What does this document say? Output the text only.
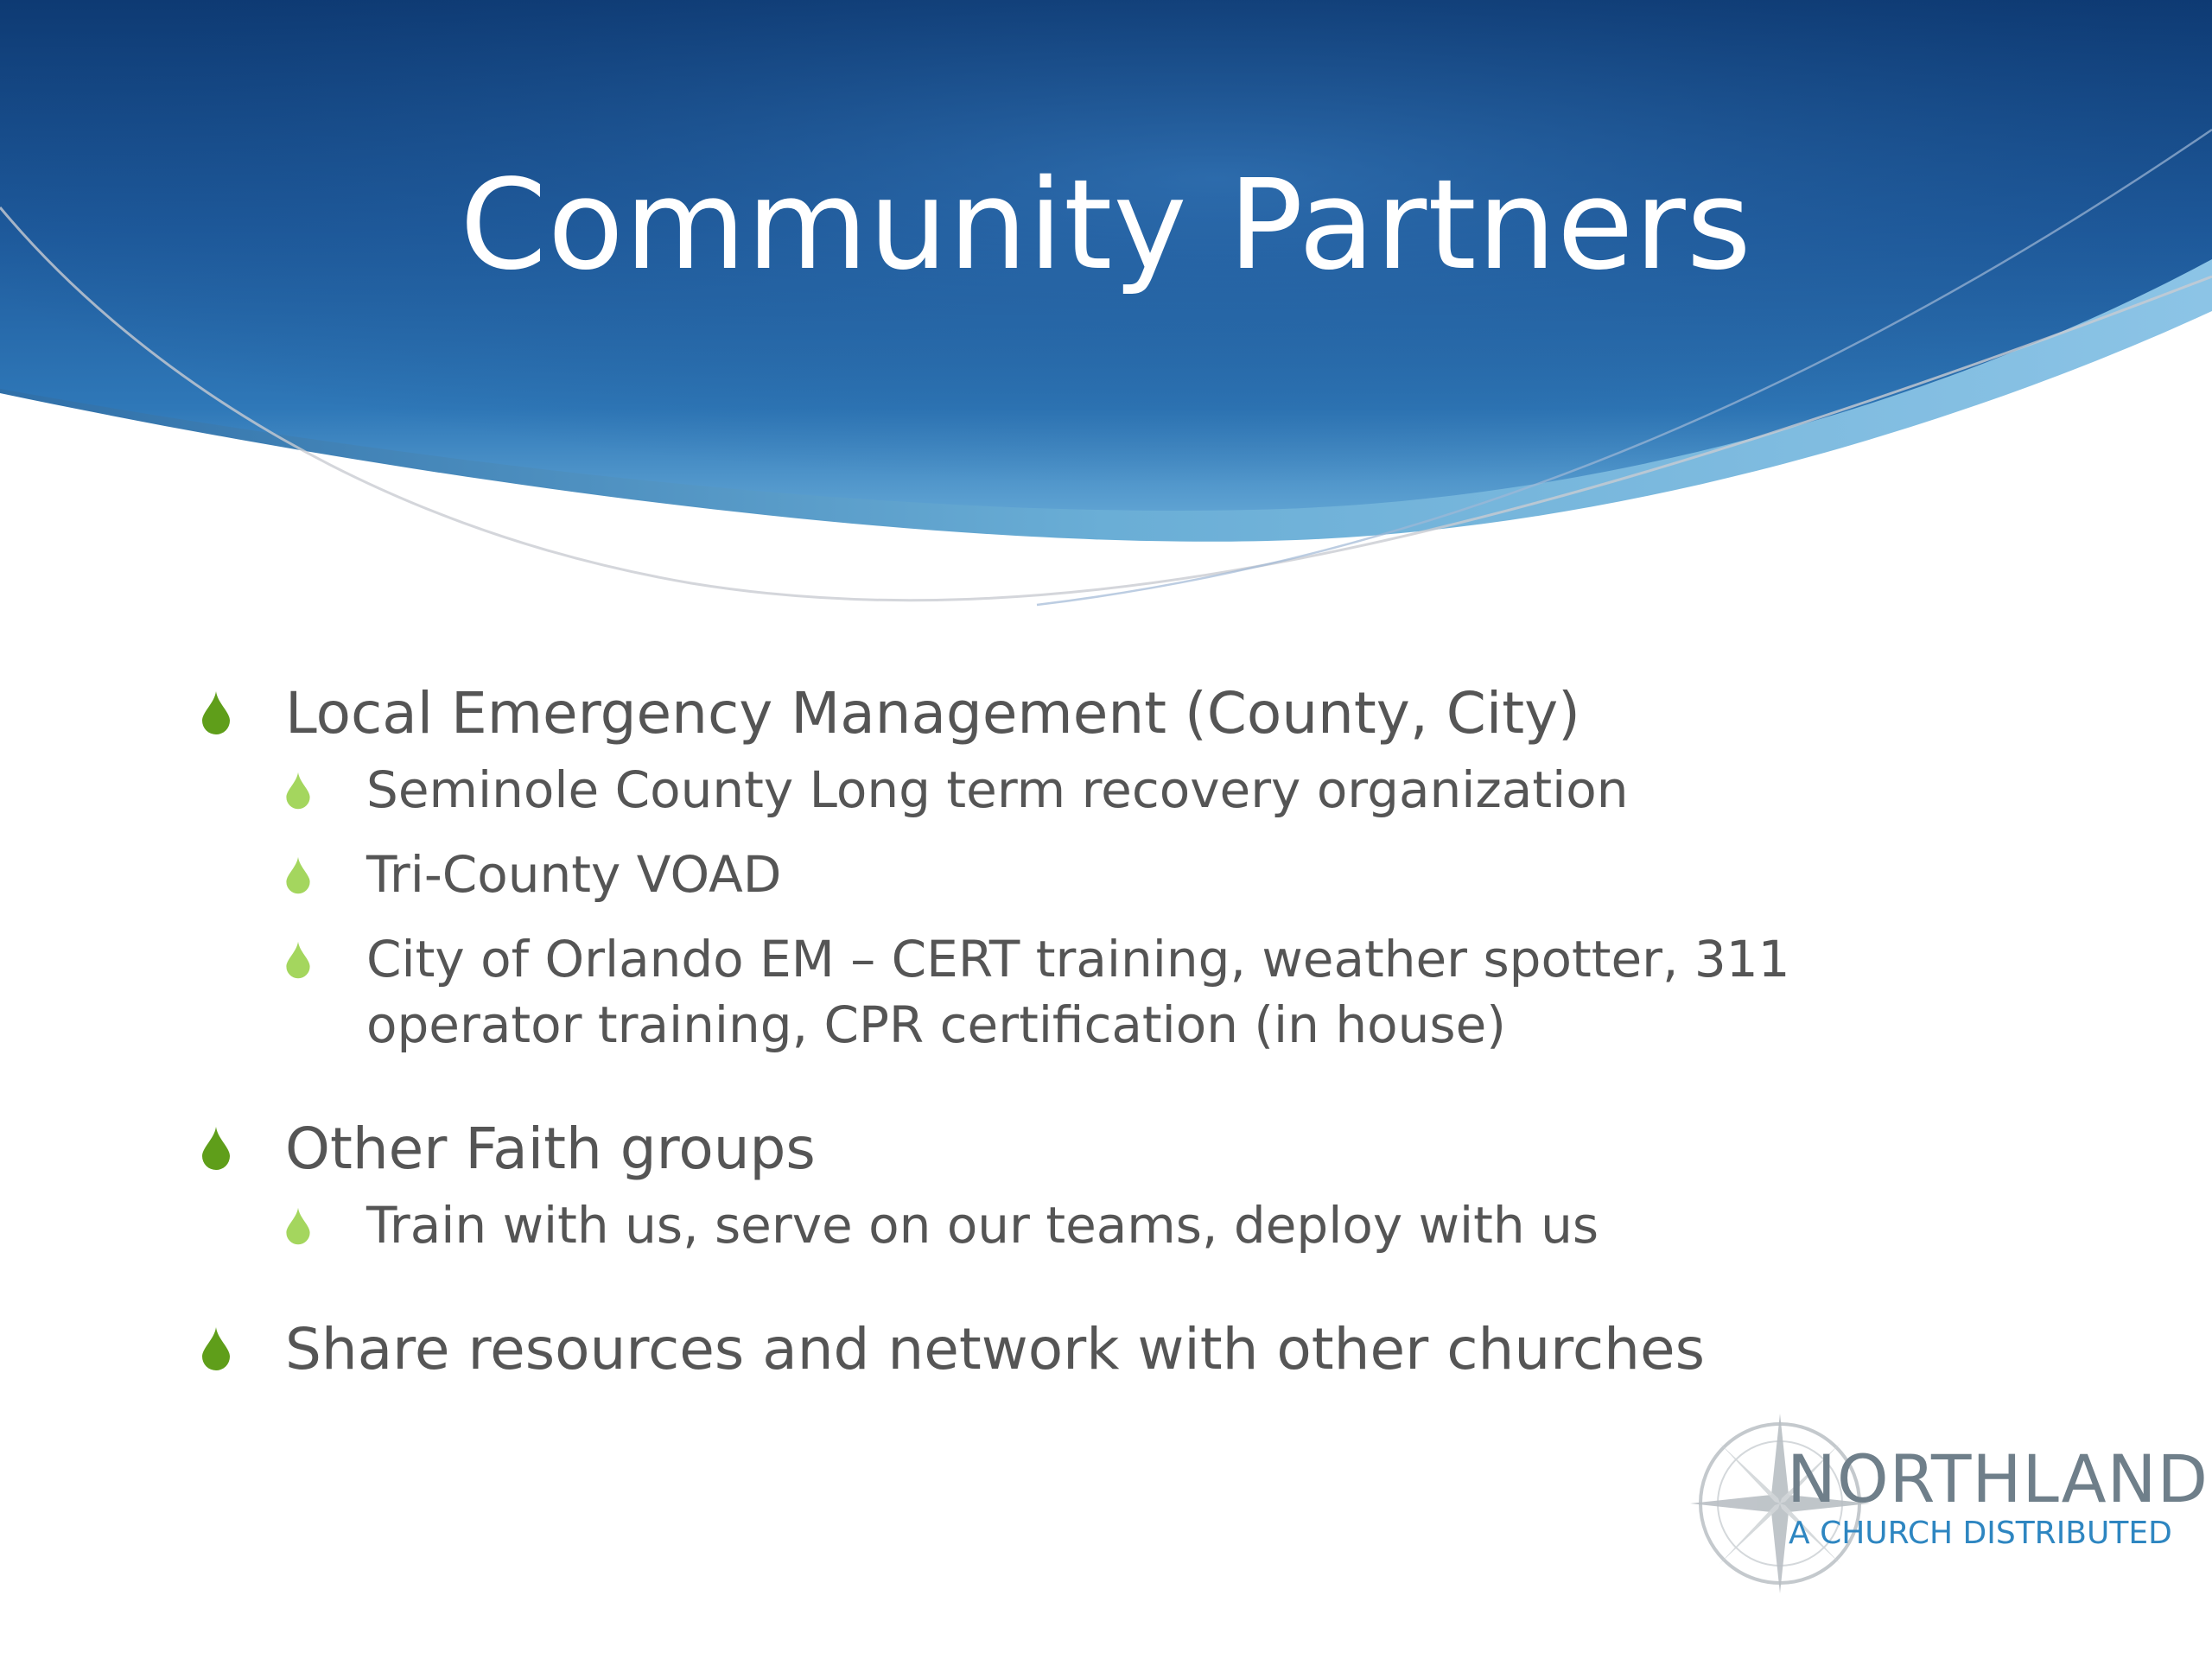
Community Partners
Local Emergency Management (County, City)
Seminole County Long term recovery organization
Tri-County VOAD
City of Orlando EM – CERT training, weather spotter, 311 operator training, CPR certification (in house)
Other Faith groups
Train with us, serve on our teams, deploy with us
Share resources and network with other churches
NORTHLAND
A CHURCH DISTRIBUTED
